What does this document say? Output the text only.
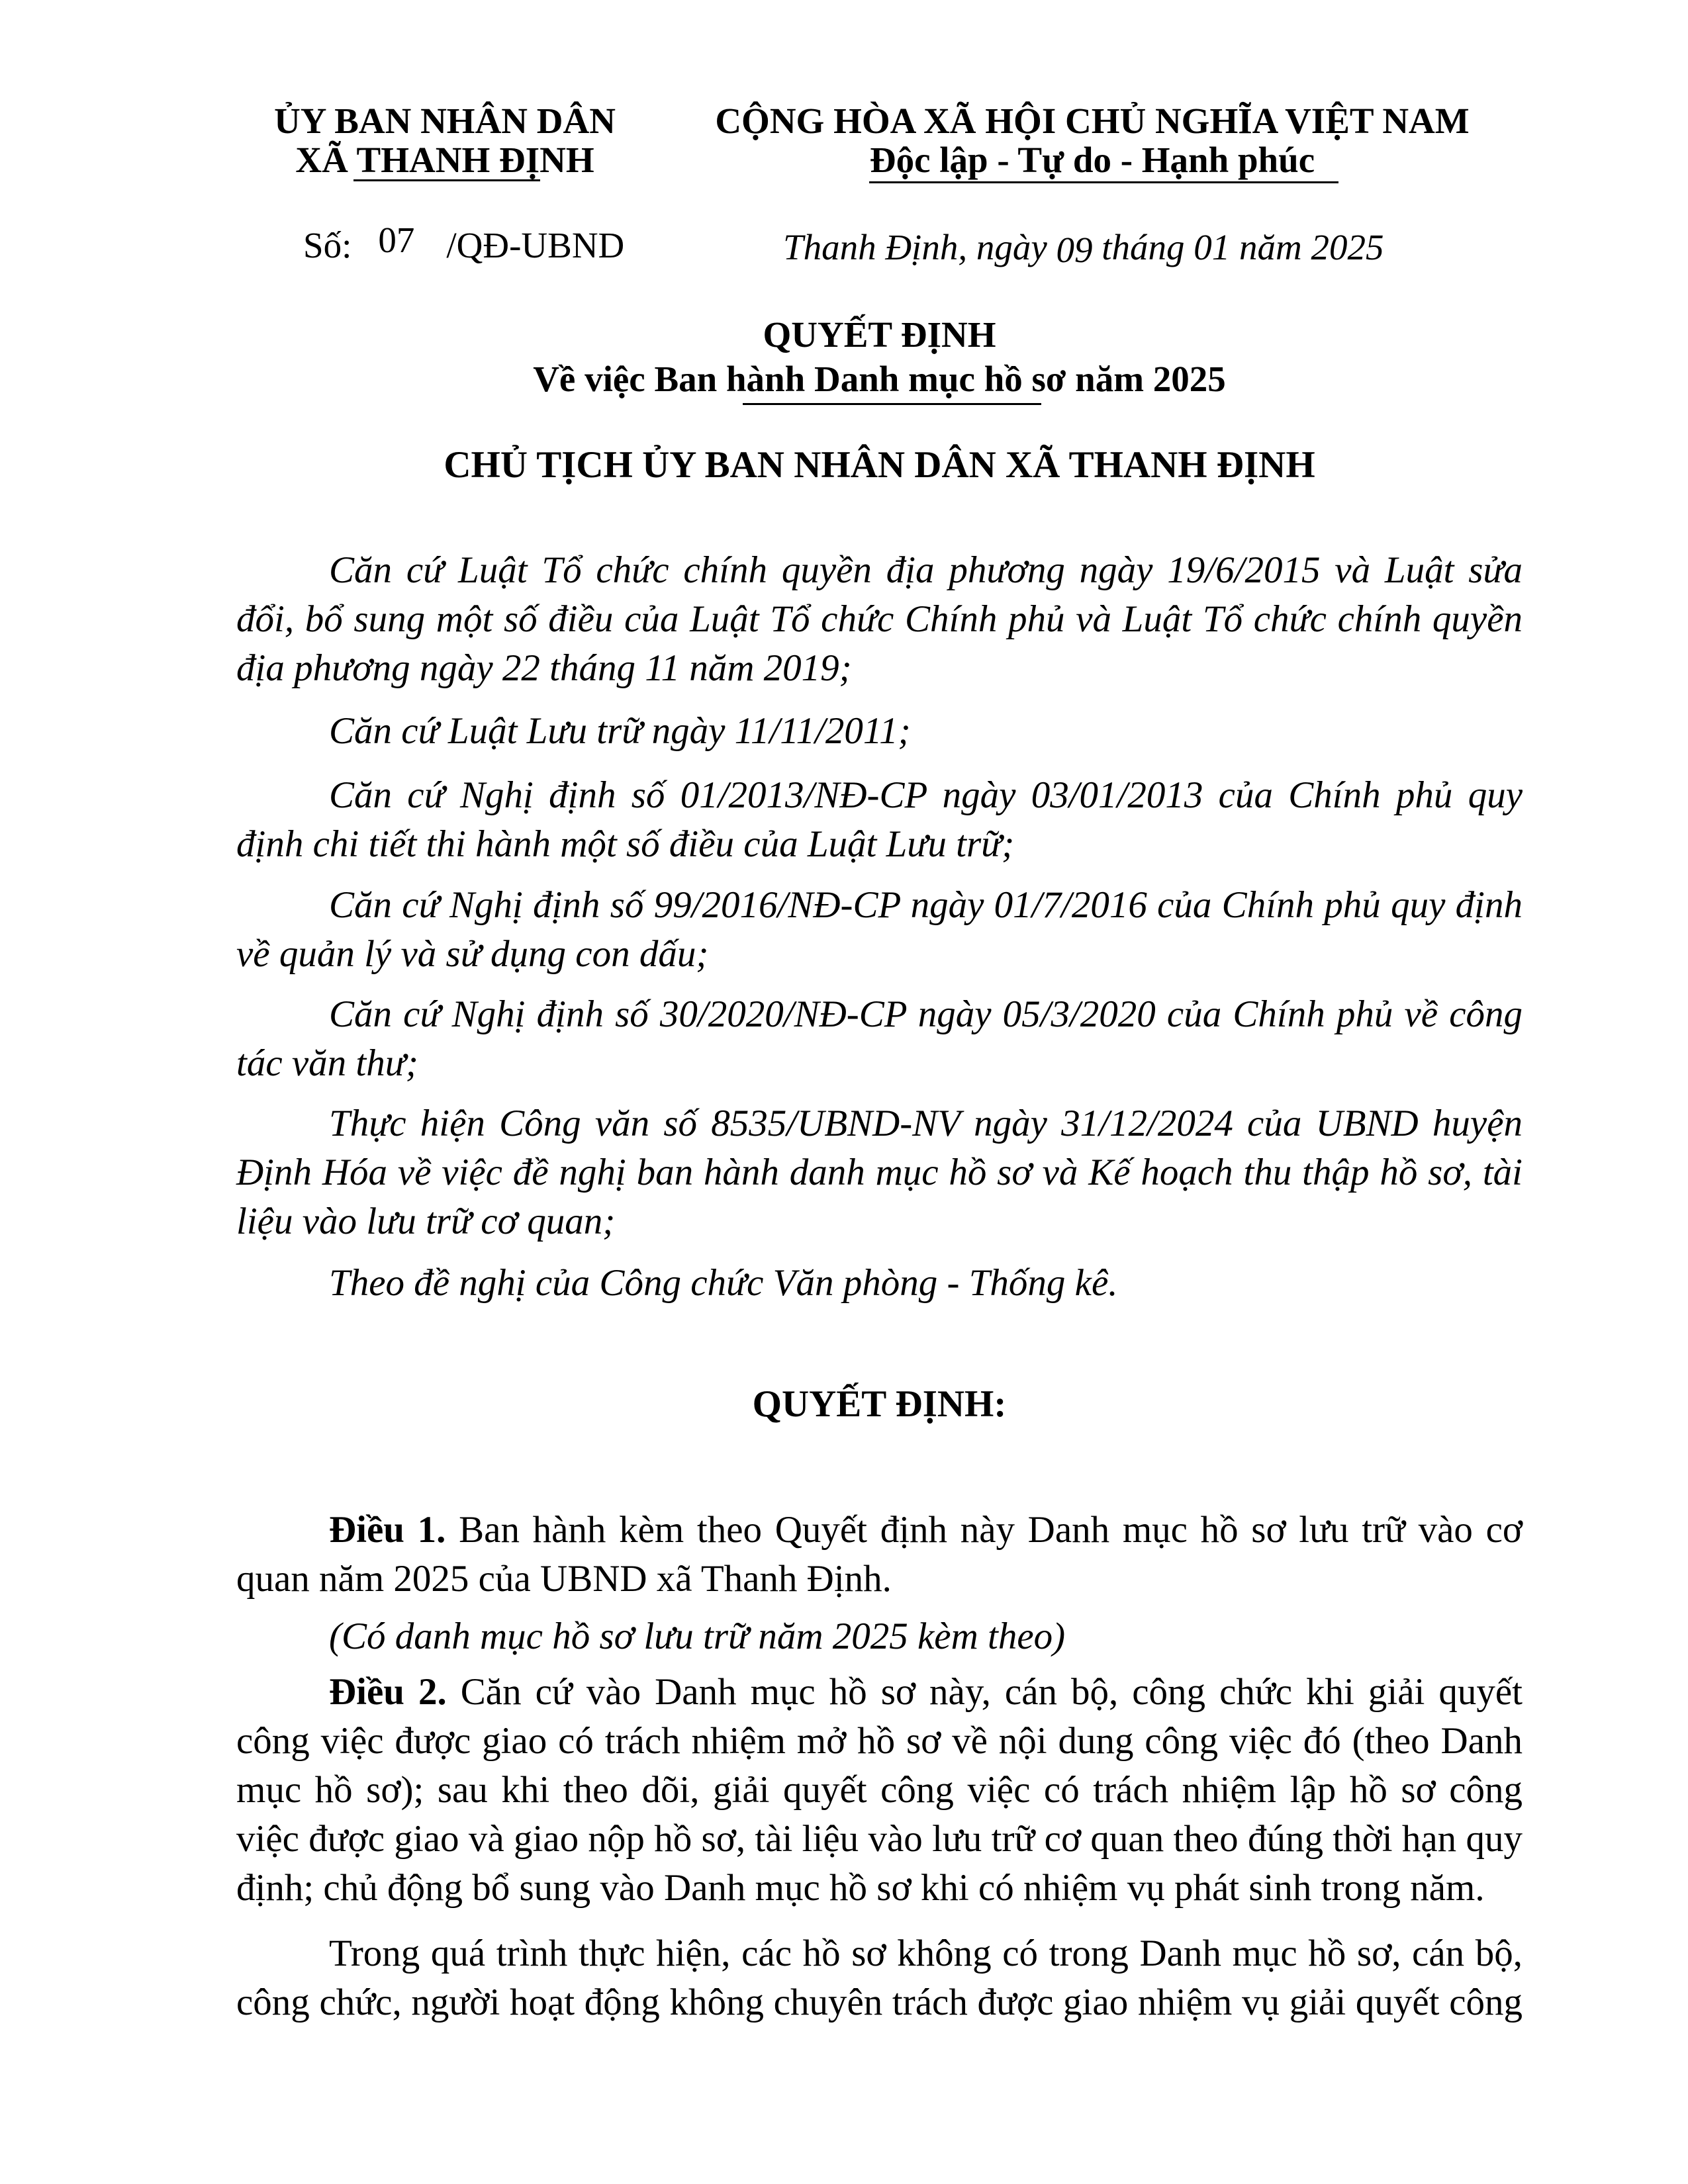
ỦY BAN NHÂN DÂN
XÃ THANH ĐỊNH
CỘNG HÒA XÃ HỘI CHỦ NGHĨA VIỆT NAM
Độc lập - Tự do - Hạnh phúc
Số: 07 /QĐ-UBND	Thanh Định, ngày 09 tháng 01 năm 2025
QUYẾT ĐỊNH
Về việc Ban hành Danh mục hồ sơ năm 2025
CHỦ TỊCH ỦY BAN NHÂN DÂN XÃ THANH ĐỊNH
Căn cứ Luật Tổ chức chính quyền địa phương ngày 19/6/2015 và Luật sửa đổi, bổ sung một số điều của Luật Tổ chức Chính phủ và Luật Tổ chức chính quyền địa phương ngày 22 tháng 11 năm 2019;
Căn cứ Luật Lưu trữ ngày 11/11/2011;
Căn cứ Nghị định số 01/2013/NĐ-CP ngày 03/01/2013 của Chính phủ quy định chi tiết thi hành một số điều của Luật Lưu trữ;
Căn cứ Nghị định số 99/2016/NĐ-CP ngày 01/7/2016 của Chính phủ quy định về quản lý và sử dụng con dấu;
Căn cứ Nghị định số 30/2020/NĐ-CP ngày 05/3/2020 của Chính phủ về công tác văn thư;
Thực hiện Công văn số 8535/UBND-NV ngày 31/12/2024 của UBND huyện Định Hóa về việc đề nghị ban hành danh mục hồ sơ và Kế hoạch thu thập hồ sơ, tài liệu vào lưu trữ cơ quan;
Theo đề nghị của Công chức Văn phòng - Thống kê.
QUYẾT ĐỊNH:
Điều 1. Ban hành kèm theo Quyết định này Danh mục hồ sơ lưu trữ vào cơ quan năm 2025 của UBND xã Thanh Định.
(Có danh mục hồ sơ lưu trữ năm 2025 kèm theo)
Điều 2. Căn cứ vào Danh mục hồ sơ này, cán bộ, công chức khi giải quyết công việc được giao có trách nhiệm mở hồ sơ về nội dung công việc đó (theo Danh mục hồ sơ); sau khi theo dõi, giải quyết công việc có trách nhiệm lập hồ sơ công việc được giao và giao nộp hồ sơ, tài liệu vào lưu trữ cơ quan theo đúng thời hạn quy định; chủ động bổ sung vào Danh mục hồ sơ khi có nhiệm vụ phát sinh trong năm.
Trong quá trình thực hiện, các hồ sơ không có trong Danh mục hồ sơ, cán bộ, công chức, người hoạt động không chuyên trách được giao nhiệm vụ giải quyết công
